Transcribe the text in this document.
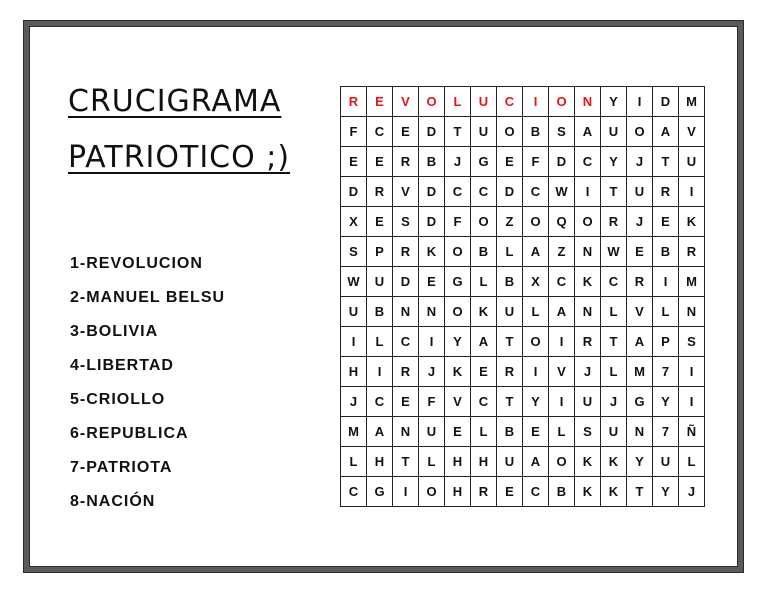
CRUCIGRAMA
PATRIOTICO ;)
1-REVOLUCION
2-MANUEL BELSU
3-BOLIVIA
4-LIBERTAD
5-CRIOLLO
6-REPUBLICA
7-PATRIOTA
8-NACIÓN
R	E	V	O	L	U	C	I	O	N	Y	I	D	M
F	C	E	D	T	U	O	B	S	A	U	O	A	V
E	E	R	B	J	G	E	F	D	C	Y	J	T	U
D	R	V	D	C	C	D	C	W	I	T	U	R	I
X	E	S	D	F	O	Z	O	Q	O	R	J	E	K
S	P	R	K	O	B	L	A	Z	N	W	E	B	R
W	U	D	E	G	L	B	X	C	K	C	R	I	M
U	B	N	N	O	K	U	L	A	N	L	V	L	N
I	L	C	I	Y	A	T	O	I	R	T	A	P	S
H	I	R	J	K	E	R	I	V	J	L	M	7	I
J	C	E	F	V	C	T	Y	I	U	J	G	Y	I
M	A	N	U	E	L	B	E	L	S	U	N	7	Ñ
L	H	T	L	H	H	U	A	O	K	K	Y	U	L
C	G	I	O	H	R	E	C	B	K	K	T	Y	J
